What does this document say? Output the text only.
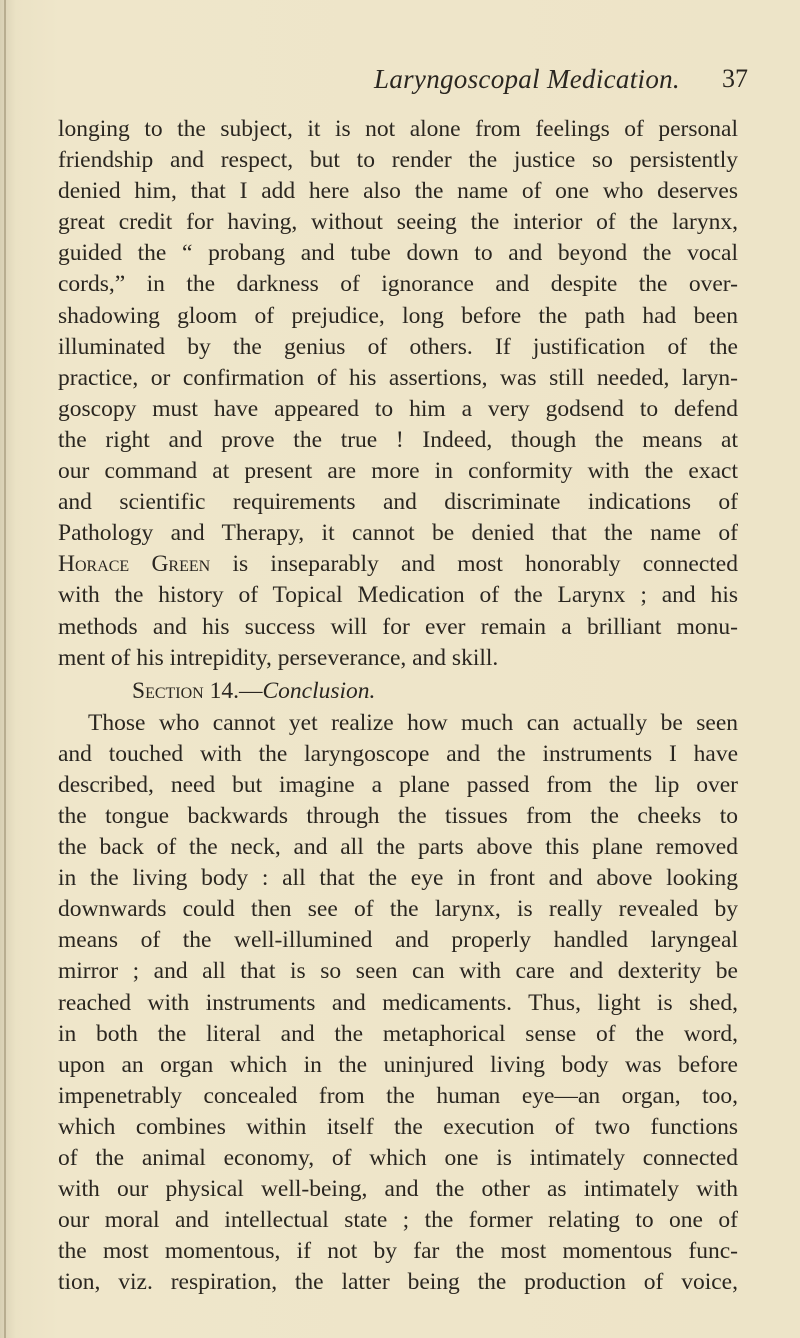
Laryngoscopal Medication. 37

longing to the subject, it is not alone from feelings of personal
friendship and respect, but to render the justice so persistently
denied him, that I add here also the name of one who deserves
great credit for having, without seeing the interior of the larynx,
guided the “ probang and tube down to and beyond the vocal
cords,” in the darkness of ignorance and despite the over-
shadowing gloom of prejudice, long before the path had been
illuminated by the genius of others. If justification of the
practice, or confirmation of his assertions, was still needed, laryn-
goscopy must have appeared to him a very godsend to defend
the right and prove the true ! Indeed, though the means at
our command at present are more in conformity with the exact
and scientific requirements and discriminate indications of
Pathology and Therapy, it cannot be denied that the name of
Horace Green is inseparably and most honorably connected
with the history of Topical Medication of the Larynx ; and his
methods and his success will for ever remain a brilliant monu-
ment of his intrepidity, perseverance, and skill.

Section 14.—Conclusion.

Those who cannot yet realize how much can actually be seen
and touched with the laryngoscope and the instruments I have
described, need but imagine a plane passed from the lip over
the tongue backwards through the tissues from the cheeks to
the back of the neck, and all the parts above this plane removed
in the living body : all that the eye in front and above looking
downwards could then see of the larynx, is really revealed by
means of the well-illumined and properly handled laryngeal
mirror ; and all that is so seen can with care and dexterity be
reached with instruments and medicaments. Thus, light is shed,
in both the literal and the metaphorical sense of the word,
upon an organ which in the uninjured living body was before
impenetrably concealed from the human eye—an organ, too,
which combines within itself the execution of two functions
of the animal economy, of which one is intimately connected
with our physical well-being, and the other as intimately with
our moral and intellectual state ; the former relating to one of
the most momentous, if not by far the most momentous func-
tion, viz. respiration, the latter being the production of voice,
